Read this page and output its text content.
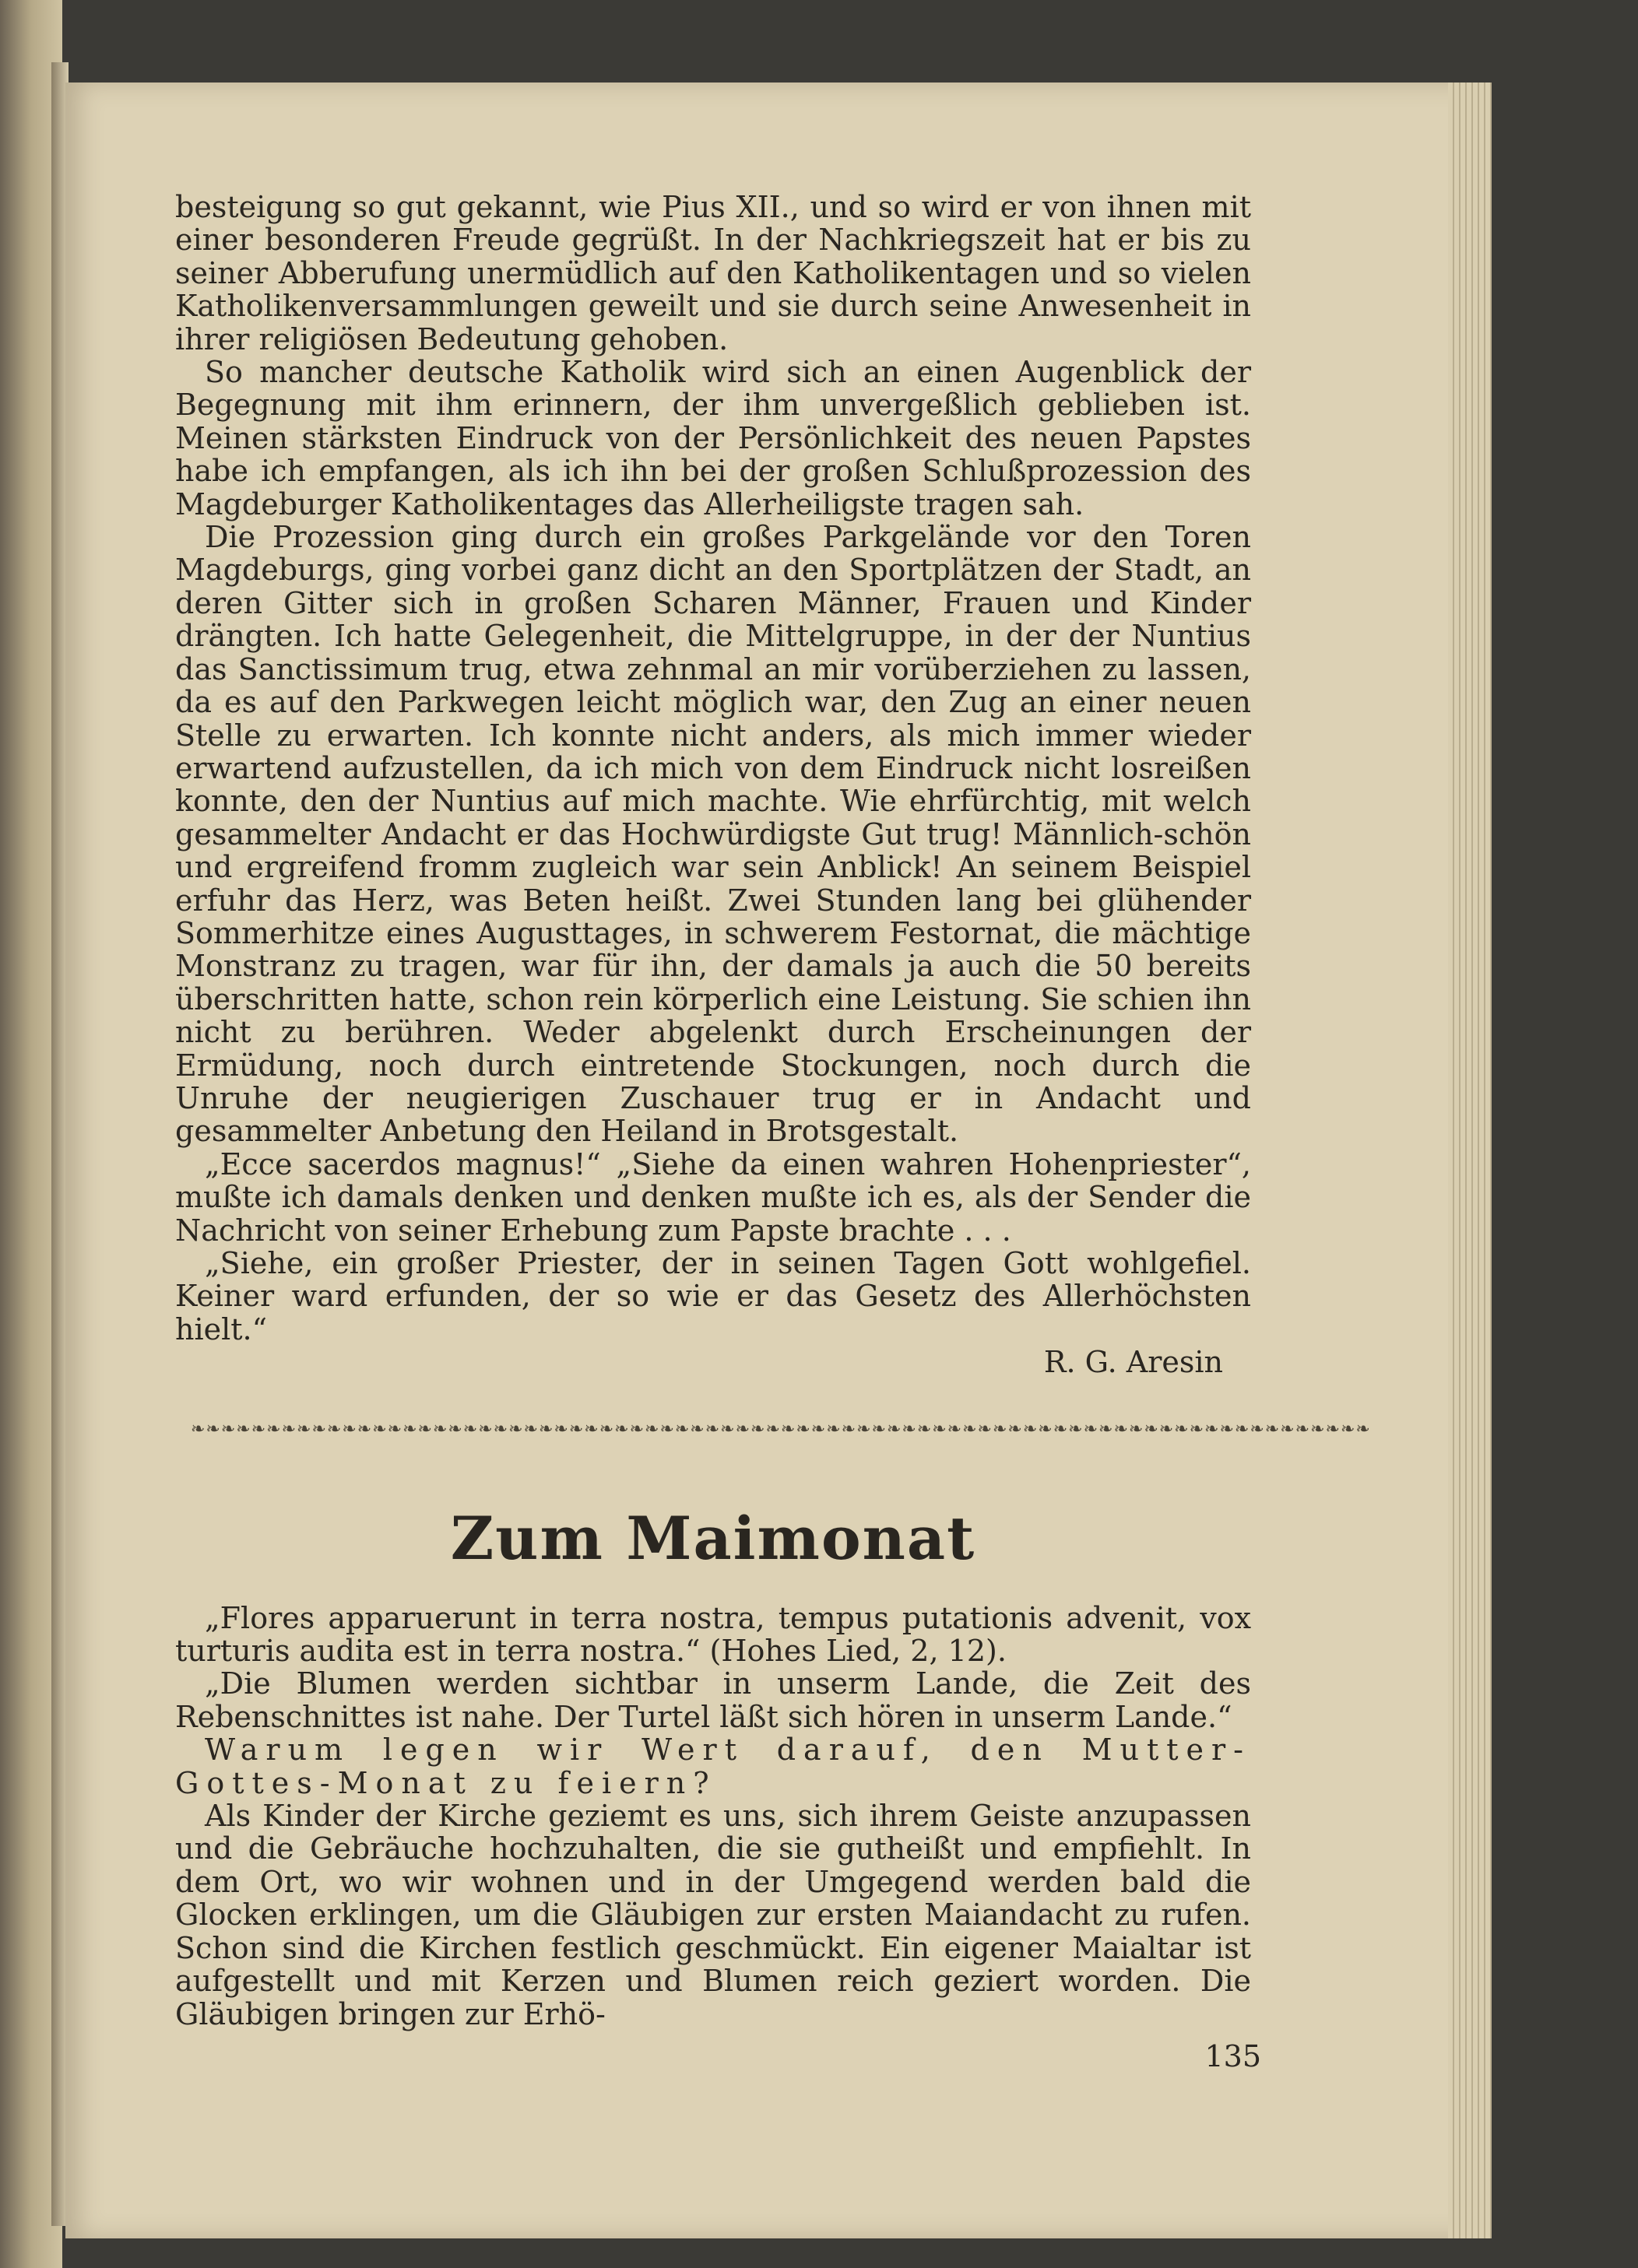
besteigung so gut gekannt, wie Pius XII., und so wird er von ihnen mit einer besonderen Freude gegrüßt. In der Nachkriegszeit hat er bis zu seiner Abberufung unermüdlich auf den Katholikentagen und so vielen Katholikenversammlungen geweilt und sie durch seine Anwesenheit in ihrer religiösen Bedeutung gehoben.

So mancher deutsche Katholik wird sich an einen Augenblick der Begegnung mit ihm erinnern, der ihm unvergeßlich geblieben ist. Meinen stärksten Eindruck von der Persönlichkeit des neuen Papstes habe ich empfangen, als ich ihn bei der großen Schlußprozession des Magdeburger Katholikentages das Allerheiligste tragen sah.

Die Prozession ging durch ein großes Parkgelände vor den Toren Magdeburgs, ging vorbei ganz dicht an den Sportplätzen der Stadt, an deren Gitter sich in großen Scharen Männer, Frauen und Kinder drängten. Ich hatte Gelegenheit, die Mittelgruppe, in der der Nuntius das Sanctissimum trug, etwa zehnmal an mir vorüberziehen zu lassen, da es auf den Parkwegen leicht möglich war, den Zug an einer neuen Stelle zu erwarten. Ich konnte nicht anders, als mich immer wieder erwartend aufzustellen, da ich mich von dem Eindruck nicht losreißen konnte, den der Nuntius auf mich machte. Wie ehrfürchtig, mit welch gesammelter Andacht er das Hochwürdigste Gut trug! Männlich-schön und ergreifend fromm zugleich war sein Anblick! An seinem Beispiel erfuhr das Herz, was Beten heißt. Zwei Stunden lang bei glühender Sommerhitze eines Augusttages, in schwerem Festornat, die mächtige Monstranz zu tragen, war für ihn, der damals ja auch die 50 bereits überschritten hatte, schon rein körperlich eine Leistung. Sie schien ihn nicht zu berühren. Weder abgelenkt durch Erscheinungen der Ermüdung, noch durch eintretende Stockungen, noch durch die Unruhe der neugierigen Zuschauer trug er in Andacht und gesammelter Anbetung den Heiland in Brotsgestalt.

„Ecce sacerdos magnus!“ „Siehe da einen wahren Hohenpriester“, mußte ich damals denken und denken mußte ich es, als der Sender die Nachricht von seiner Erhebung zum Papste brachte . . .

„Siehe, ein großer Priester, der in seinen Tagen Gott wohlgefiel. Keiner ward erfunden, der so wie er das Gesetz des Allerhöchsten hielt.“

R. G. Aresin

❧❧❧❧❧❧❧❧❧❧❧❧❧❧❧❧❧❧❧❧❧❧❧❧❧❧❧❧❧❧❧❧❧❧❧❧❧❧❧❧❧❧❧❧❧❧❧❧❧❧❧❧❧❧❧❧❧❧❧❧❧❧❧❧❧❧❧❧❧❧❧❧❧❧❧❧❧❧
Zum Maimonat

„Flores apparuerunt in terra nostra, tempus putationis advenit, vox turturis audita est in terra nostra.“ (Hohes Lied, 2, 12).

„Die Blumen werden sichtbar in unserm Lande, die Zeit des Rebenschnittes ist nahe. Der Turtel läßt sich hören in unserm Lande.“

Warum legen wir Wert darauf, den Mutter-Gottes-Monat zu feiern?

Als Kinder der Kirche geziemt es uns, sich ihrem Geiste anzupassen und die Gebräuche hochzuhalten, die sie gutheißt und empfiehlt. In dem Ort, wo wir wohnen und in der Umgegend werden bald die Glocken erklingen, um die Gläubigen zur ersten Maiandacht zu rufen. Schon sind die Kirchen festlich geschmückt. Ein eigener Maialtar ist aufgestellt und mit Kerzen und Blumen reich geziert worden. Die Gläubigen bringen zur Erhö-

135
